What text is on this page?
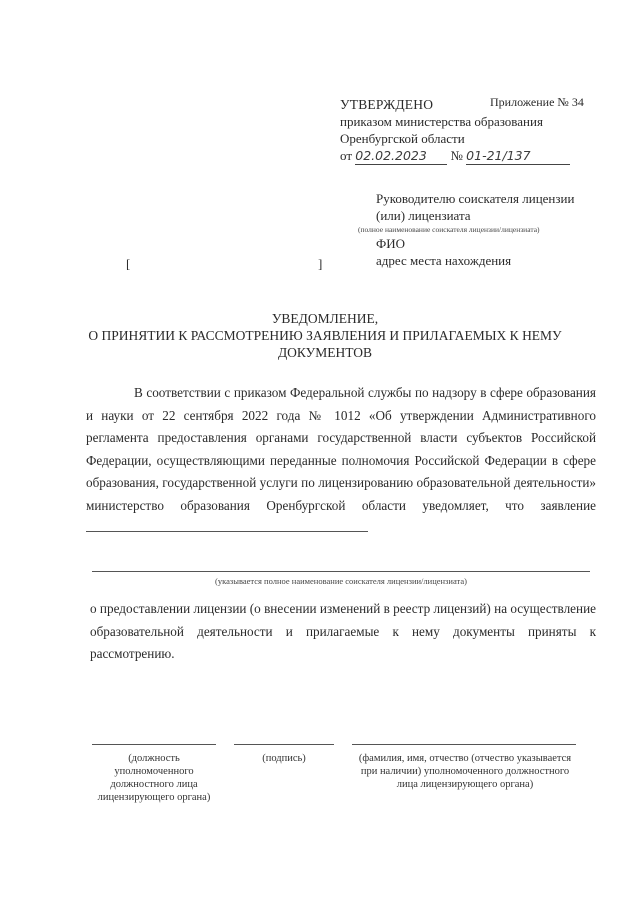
Приложение № 34
УТВЕРЖДЕНО
приказом министерства образования
Оренбургской области
от 02.02.2023 № 01-21/137
Руководителю соискателя лицензии
(или) лицензиата
(полное наименование соискателя лицензии/лицензиата)
ФИО
адрес места нахождения
[	]
УВЕДОМЛЕНИЕ,
О ПРИНЯТИИ К РАССМОТРЕНИЮ ЗАЯВЛЕНИЯ И ПРИЛАГАЕМЫХ К НЕМУ
ДОКУМЕНТОВ
В соответствии с приказом Федеральной службы по надзору в сфере образования и науки от 22 сентября 2022 года № 1012 «Об утверждении Административного регламента предоставления органами государственной власти субъектов Российской Федерации, осуществляющими переданные полномочия Российской Федерации в сфере образования, государственной услуги по лицензированию образовательной деятельности» министерство образования Оренбургской области уведомляет, что заявление
(указывается полное наименование соискателя лицензии/лицензиата)
о предоставлении лицензии (о внесении изменений в реестр лицензий) на осуществление образовательной деятельности и прилагаемые к нему документы приняты к рассмотрению.
(должность уполномоченного должностного лица лицензирующего органа)
(подпись)	(фамилия, имя, отчество (отчество указывается при наличии) уполномоченного должностного лица лицензирующего органа)
